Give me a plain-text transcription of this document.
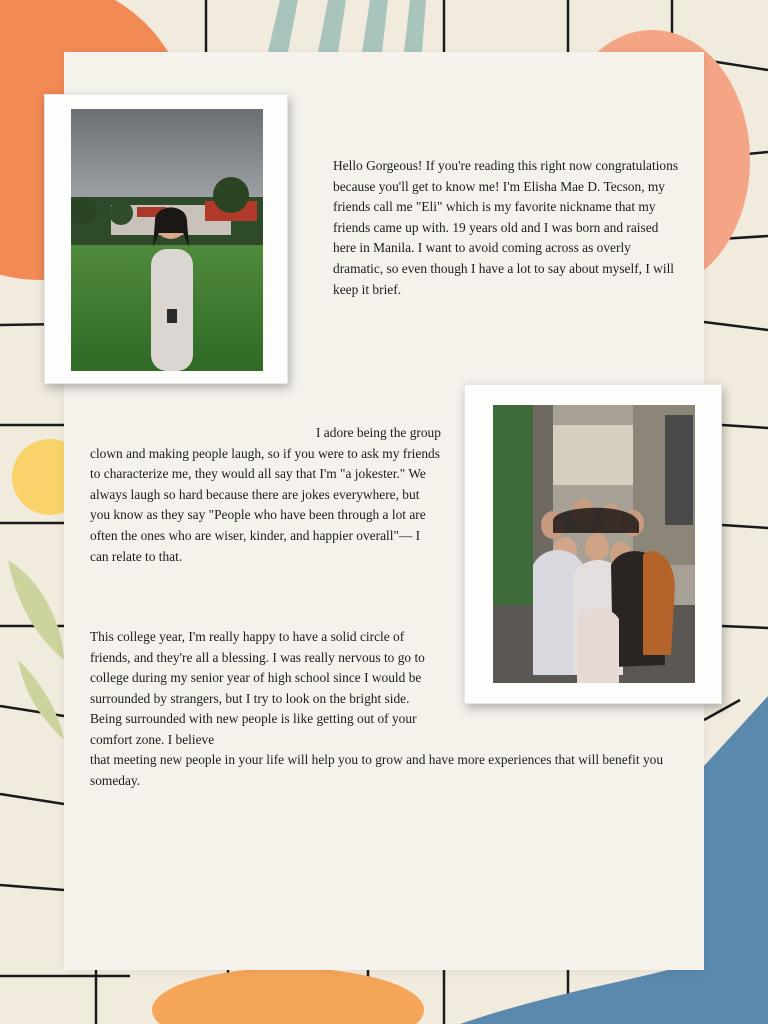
Hello Gorgeous! If you're reading this right now congratulations because you'll get to know me! I'm Elisha Mae D. Tecson, my friends call me "Eli" which is my favorite nickname that my friends came up with. 19 years old and I was born and raised here in Manila. I want to avoid coming across as overly dramatic, so even though I have a lot to say about myself, I will keep it brief.

I adore being the group clown and making people laugh, so if you were to ask my friends to characterize me, they would all say that I'm "a jokester." We always laugh so hard because there are jokes everywhere, but you know as they say "People who have been through a lot are often the ones who are wiser, kinder, and happier overall"— I can relate to that.

This college year, I'm really happy to have a solid circle of friends, and they're all a blessing. I was really nervous to go to college during my senior year of high school since I would be surrounded by strangers, but I try to look on the bright side. Being surrounded with new people is like getting out of your comfort zone. I believe

that meeting new people in your life will help you to grow and have more experiences that will benefit you someday.
